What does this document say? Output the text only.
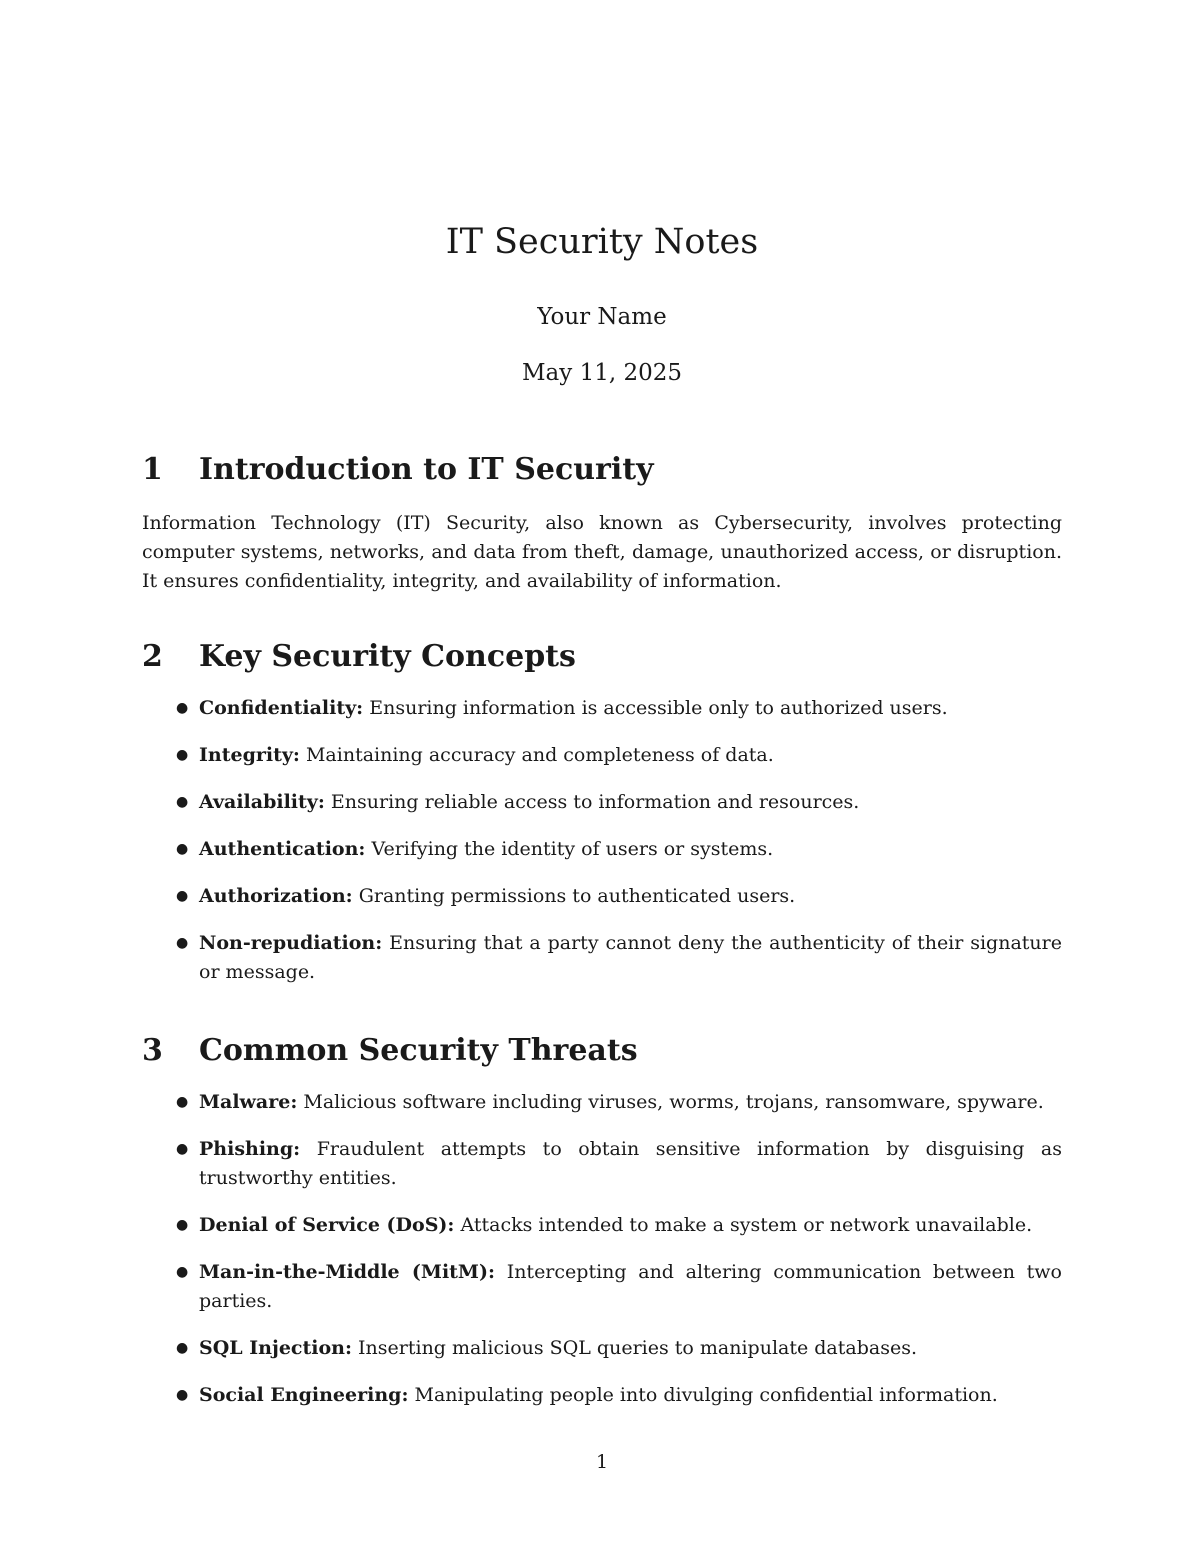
IT Security Notes
Your Name
May 11, 2025
1	Introduction to IT Security

Information Technology (IT) Security, also known as Cybersecurity, involves protecting computer systems, networks, and data from theft, damage, unauthorized access, or disruption. It ensures confidentiality, integrity, and availability of information.

2	Key Security Concepts
● Confidentiality: Ensuring information is accessible only to authorized users.
● Integrity: Maintaining accuracy and completeness of data.
● Availability: Ensuring reliable access to information and resources.
● Authentication: Verifying the identity of users or systems.
● Authorization: Granting permissions to authenticated users.
● Non-repudiation: Ensuring that a party cannot deny the authenticity of their signature or message.
3	Common Security Threats
● Malware: Malicious software including viruses, worms, trojans, ransomware, spyware.
● Phishing: Fraudulent attempts to obtain sensitive information by disguising as trustworthy entities.
● Denial of Service (DoS): Attacks intended to make a system or network unavailable.
● Man-in-the-Middle (MitM): Intercepting and altering communication between two parties.
● SQL Injection: Inserting malicious SQL queries to manipulate databases.
● Social Engineering: Manipulating people into divulging confidential information.
1
